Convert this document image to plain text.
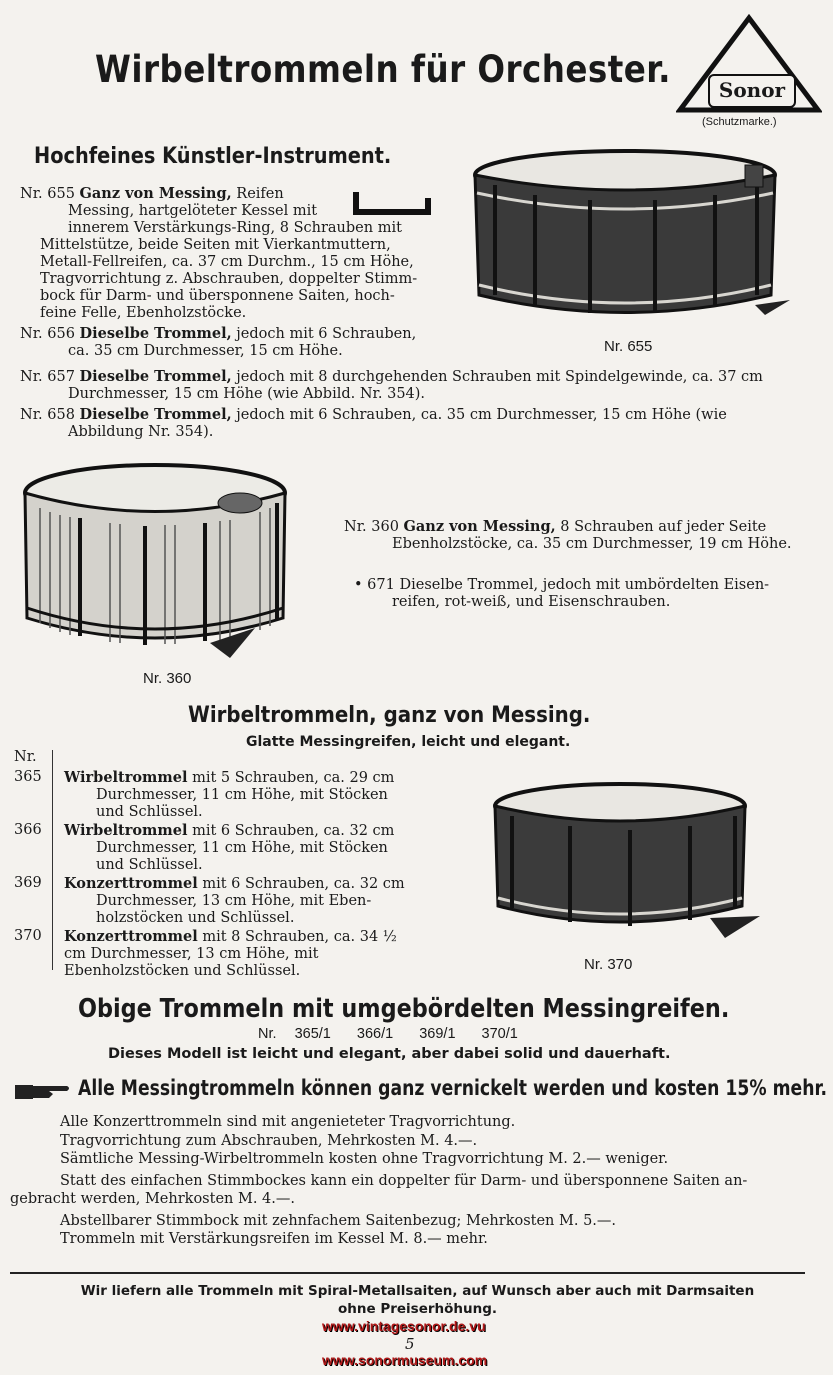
Wirbeltrommeln für Orchester.	Sonor
(Schutzmarke.)
Hochfeines Künstler-Instrument.
Nr. 655 Ganz von Messing, Reifen
Messing, hartgelöteter Kessel mit
innerem Verstärkungs-Ring, 8 Schrauben mit
Mittelstütze, beide Seiten mit Vierkantmuttern,
Metall-Fellreifen, ca. 37 cm Durchm., 15 cm Höhe,
Tragvorrichtung z. Abschrauben, doppelter Stimm-
bock für Darm- und übersponnene Saiten, hoch-
feine Felle, Ebenholzstöcke.
Nr. 656 Dieselbe Trommel, jedoch mit 6 Schrauben,
ca. 35 cm Durchmesser, 15 cm Höhe.	Nr. 655
Nr. 657 Dieselbe Trommel, jedoch mit 8 durchgehenden Schrauben mit Spindelgewinde, ca. 37 cm
Durchmesser, 15 cm Höhe (wie Abbild. Nr. 354).
Nr. 658 Dieselbe Trommel, jedoch mit 6 Schrauben, ca. 35 cm Durchmesser, 15 cm Höhe (wie
Abbildung Nr. 354).
Nr. 360
Nr. 360 Ganz von Messing, 8 Schrauben auf jeder Seite
Ebenholzstöcke, ca. 35 cm Durchmesser, 19 cm Höhe.
• 671 Dieselbe Trommel, jedoch mit umbördelten Eisen-
reifen, rot-weiß, und Eisenschrauben.
Wirbeltrommeln, ganz von Messing.
Glatte Messingreifen, leicht und elegant.
Nr.
365	Wirbeltrommel mit 5 Schrauben, ca. 29 cm
Durchmesser, 11 cm Höhe, mit Stöcken
und Schlüssel.
366	Wirbeltrommel mit 6 Schrauben, ca. 32 cm
Durchmesser, 11 cm Höhe, mit Stöcken
und Schlüssel.
369	Konzerttrommel mit 6 Schrauben, ca. 32 cm
Durchmesser, 13 cm Höhe, mit Eben-
holzstöcken und Schlüssel.
370	Konzerttrommel mit 8 Schrauben, ca. 34 ½
cm Durchmesser, 13 cm Höhe, mit
Ebenholzstöcken und Schlüssel.	Nr. 370
Obige Trommeln mit umgebördelten Messingreifen.
Nr. 365/1 366/1 369/1 370/1
Dieses Modell ist leicht und elegant, aber dabei solid und dauerhaft.
Alle Messingtrommeln können ganz vernickelt werden und kosten 15% mehr.
Alle Konzerttrommeln sind mit angenieteter Tragvorrichtung.
Tragvorrichtung zum Abschrauben, Mehrkosten M. 4.—.
Sämtliche Messing-Wirbeltrommeln kosten ohne Tragvorrichtung M. 2.— weniger.
Statt des einfachen Stimmbockes kann ein doppelter für Darm- und übersponnene Saiten an-
gebracht werden, Mehrkosten M. 4.—.
Abstellbarer Stimmbock mit zehnfachem Saitenbezug; Mehrkosten M. 5.—.
Trommeln mit Verstärkungsreifen im Kessel M. 8.— mehr.
Wir liefern alle Trommeln mit Spiral-Metallsaiten, auf Wunsch aber auch mit Darmsaiten
ohne Preiserhöhung.
www.vintagesonor.de.vu
5
www.sonormuseum.com
